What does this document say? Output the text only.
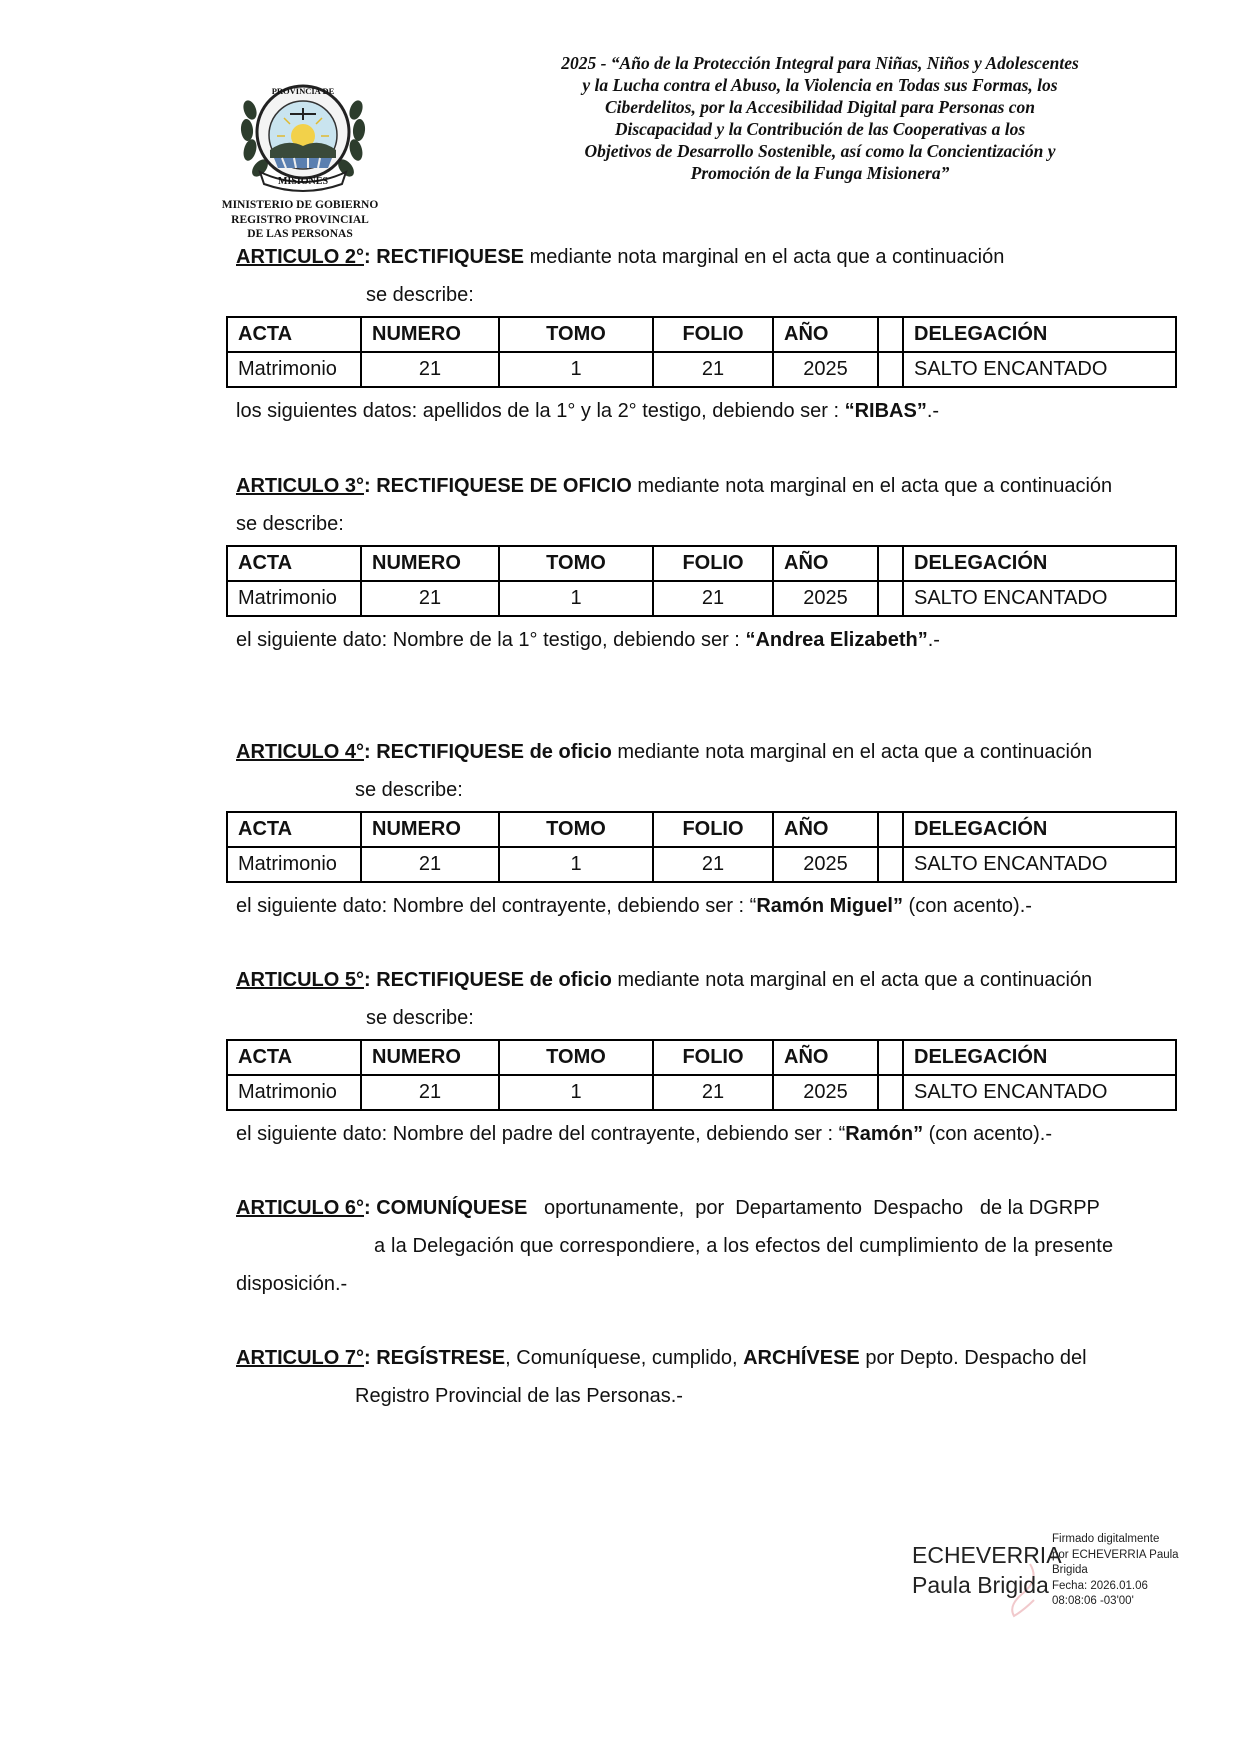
MISIONES
PROVINCIA DE
MINISTERIO DE GOBIERNO
REGISTRO PROVINCIAL
DE LAS PERSONAS
2025 - “Año de la Protección Integral para Niñas, Niños y Adolescentes
y la Lucha contra el Abuso, la Violencia en Todas sus Formas, los
Ciberdelitos, por la Accesibilidad Digital para Personas con
Discapacidad y la Contribución de las Cooperativas a los
Objetivos de Desarrollo Sostenible, así como la Concientización y
Promoción de la Funga Misionera”
ARTICULO 2°: RECTIFIQUESE mediante nota marginal en el acta que a continuación
se describe:
ACTA	NUMERO	TOMO	FOLIO	AÑO		DELEGACIÓN
Matrimonio	21	1	21	2025		SALTO ENCANTADO
los siguientes datos: apellidos de la 1° y la 2° testigo, debiendo ser : “RIBAS”.-
ARTICULO 3°: RECTIFIQUESE DE OFICIO mediante nota marginal en el acta que a continuación
se describe:
ACTA	NUMERO	TOMO	FOLIO	AÑO		DELEGACIÓN
Matrimonio	21	1	21	2025		SALTO ENCANTADO
el siguiente dato: Nombre de la 1° testigo, debiendo ser : “Andrea Elizabeth”.-
ARTICULO 4°: RECTIFIQUESE de oficio mediante nota marginal en el acta que a continuación
se describe:
ACTA	NUMERO	TOMO	FOLIO	AÑO		DELEGACIÓN
Matrimonio	21	1	21	2025		SALTO ENCANTADO
el siguiente dato: Nombre del contrayente, debiendo ser : “Ramón Miguel” (con acento).-
ARTICULO 5°: RECTIFIQUESE de oficio mediante nota marginal en el acta que a continuación
se describe:
ACTA	NUMERO	TOMO	FOLIO	AÑO		DELEGACIÓN
Matrimonio	21	1	21	2025		SALTO ENCANTADO
el siguiente dato: Nombre del padre del contrayente, debiendo ser : “Ramón” (con acento).-
ARTICULO 6°: COMUNÍQUESE   oportunamente,  por  Departamento  Despacho   de la DGRPP
a la Delegación que correspondiere, a los efectos del cumplimiento de la presente
disposición.-
ARTICULO 7°: REGÍSTRESE, Comuníquese, cumplido, ARCHÍVESE por Depto. Despacho del
Registro Provincial de las Personas.-
ECHEVERRIA
Paula Brigida
Firmado digitalmente
por ECHEVERRIA Paula
Brigida
Fecha: 2026.01.06
08:08:06 -03'00'
